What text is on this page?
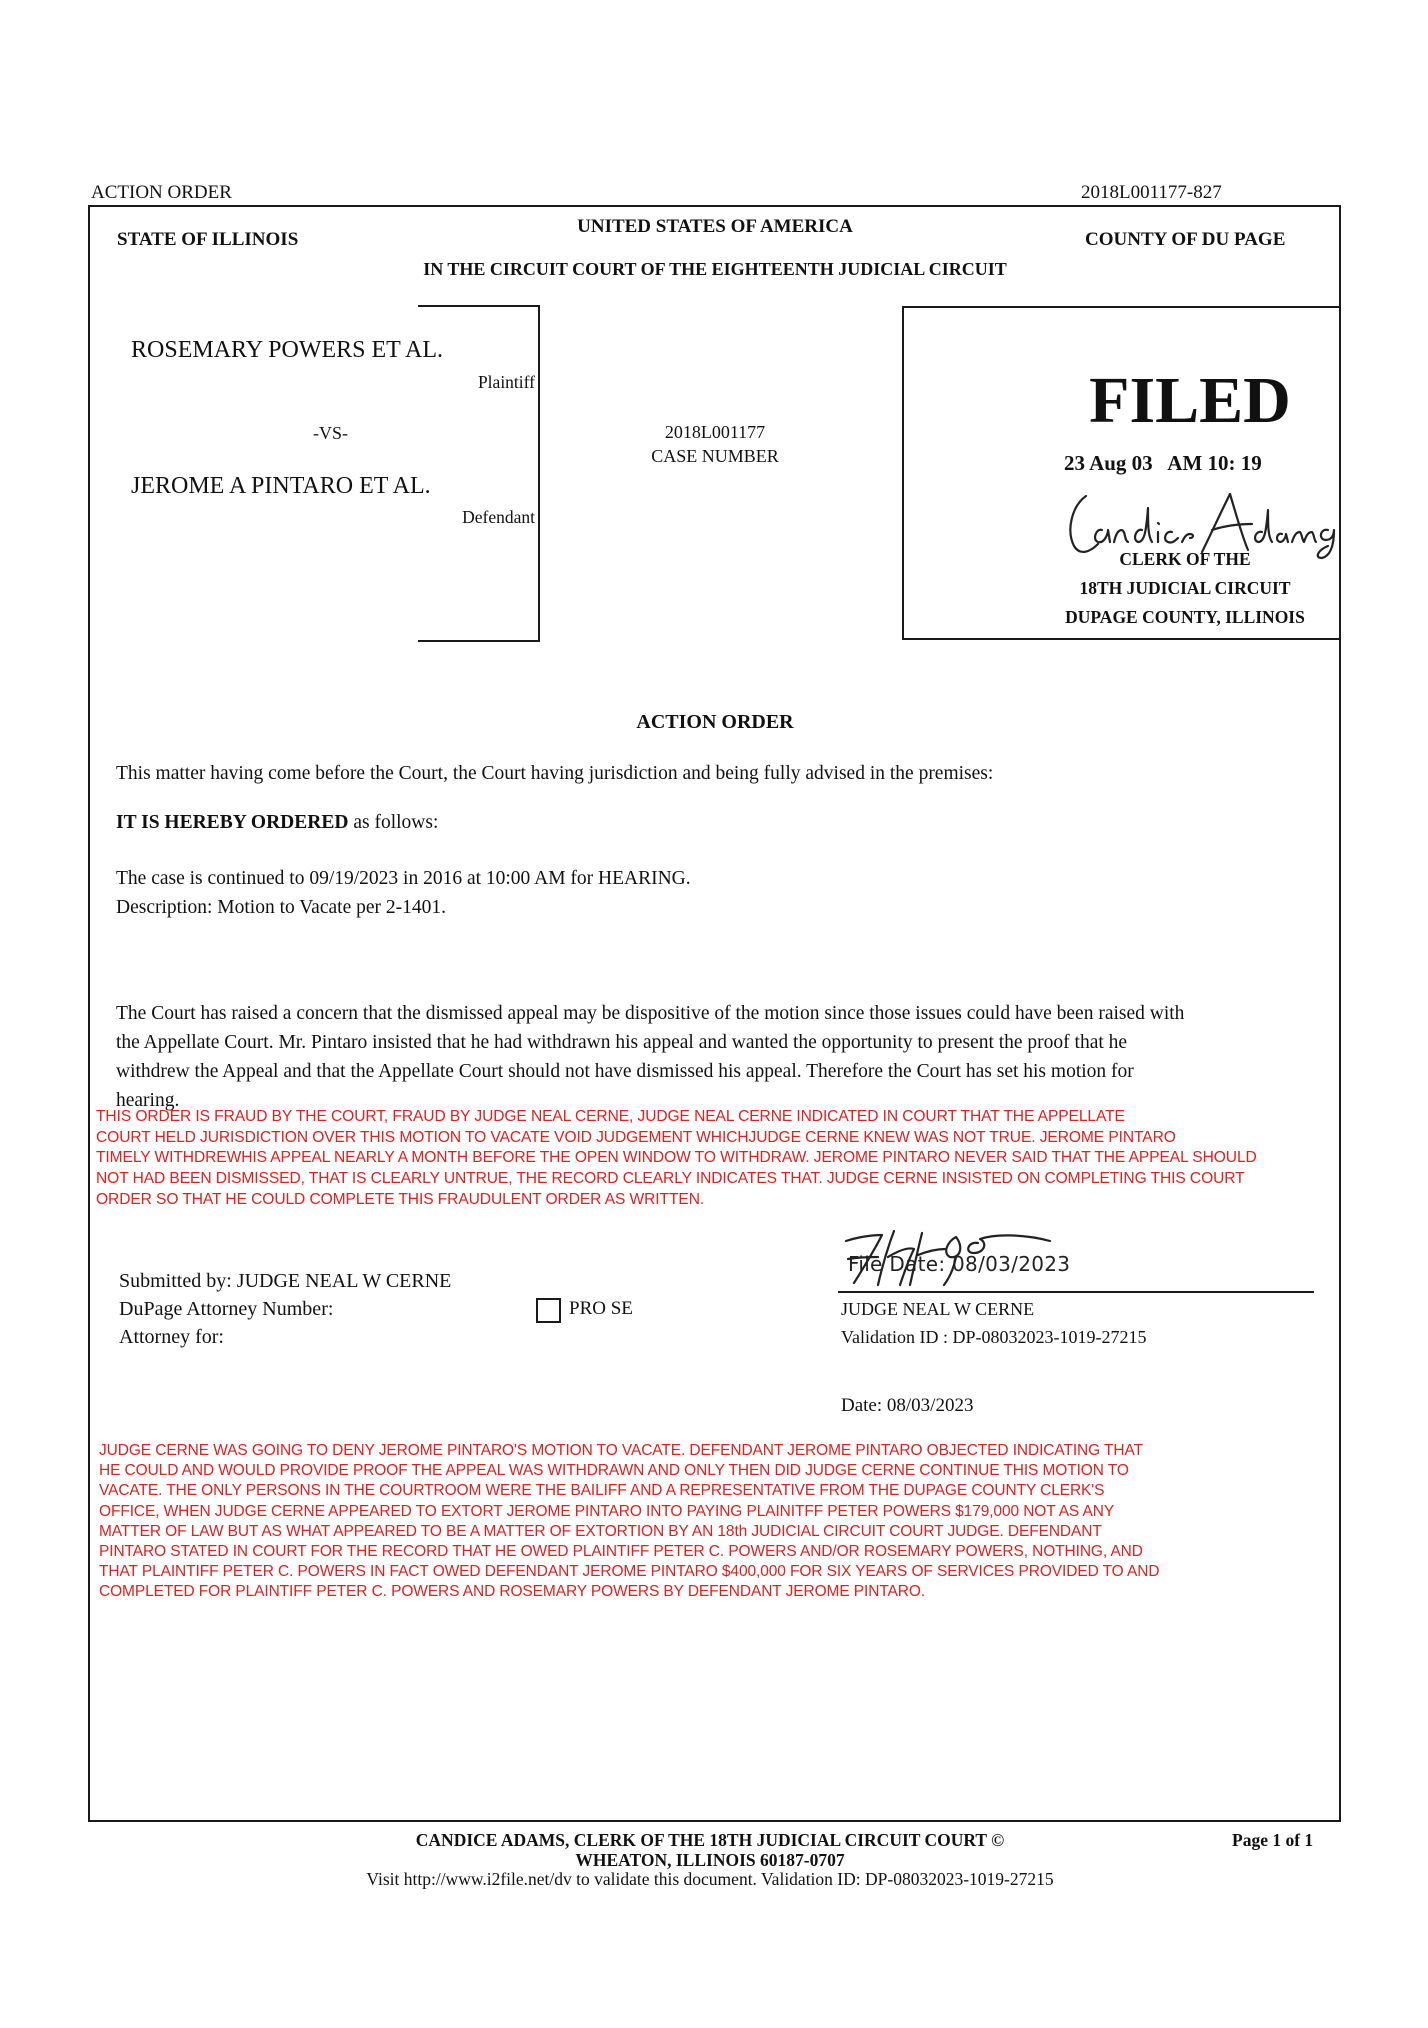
ACTION ORDER	2018L001177-827
STATE OF ILLINOIS
UNITED STATES OF AMERICA
COUNTY OF DU PAGE
IN THE CIRCUIT COURT OF THE EIGHTEENTH JUDICIAL CIRCUIT
ROSEMARY POWERS ET AL.
Plaintiff
-VS-
JEROME A PINTARO ET AL.
Defendant
2018L001177
CASE NUMBER
FILED
23 Aug 03   AM 10: 19
CLERK OF THE
18TH JUDICIAL CIRCUIT
DUPAGE COUNTY, ILLINOIS
ACTION ORDER
This matter having come before the Court, the Court having jurisdiction and being fully advised in the premises:
IT IS HEREBY ORDERED as follows:
The case is continued to 09/19/2023 in 2016 at 10:00 AM for HEARING.
Description: Motion to Vacate per 2-1401.
The Court has raised a concern that the dismissed appeal may be dispositive of the motion since those issues could have been raised with
the Appellate Court. Mr. Pintaro insisted that he had withdrawn his appeal and wanted the opportunity to present the proof that he
withdrew the Appeal and that the Appellate Court should not have dismissed his appeal. Therefore the Court has set his motion for
hearing.
THIS ORDER IS FRAUD BY THE COURT, FRAUD BY JUDGE NEAL CERNE, JUDGE NEAL CERNE INDICATED IN COURT THAT THE APPELLATE
COURT HELD JURISDICTION OVER THIS MOTION TO VACATE VOID JUDGEMENT WHICHJUDGE CERNE KNEW WAS NOT TRUE. JEROME PINTARO
TIMELY WITHDREWHIS APPEAL NEARLY A MONTH BEFORE THE OPEN WINDOW TO WITHDRAW. JEROME PINTARO NEVER SAID THAT THE APPEAL SHOULD
NOT HAD BEEN DISMISSED, THAT IS CLEARLY UNTRUE, THE RECORD CLEARLY INDICATES THAT. JUDGE CERNE INSISTED ON COMPLETING THIS COURT
ORDER SO THAT HE COULD COMPLETE THIS FRAUDULENT ORDER AS WRITTEN.
Submitted by: JUDGE NEAL W CERNE
DuPage Attorney Number:
Attorney for:
PRO SE
File Date: 08/03/2023
JUDGE NEAL W CERNE
Validation ID : DP-08032023-1019-27215
Date: 08/03/2023
JUDGE CERNE WAS GOING TO DENY JEROME PINTARO'S MOTION TO VACATE. DEFENDANT JEROME PINTARO OBJECTED INDICATING THAT
HE COULD AND WOULD PROVIDE PROOF THE APPEAL WAS WITHDRAWN AND ONLY THEN DID JUDGE CERNE CONTINUE THIS MOTION TO
VACATE. THE ONLY PERSONS IN THE COURTROOM WERE THE BAILIFF AND A REPRESENTATIVE FROM THE DUPAGE COUNTY CLERK'S
OFFICE, WHEN JUDGE CERNE APPEARED TO EXTORT JEROME PINTARO INTO PAYING PLAINITFF PETER POWERS $179,000 NOT AS ANY
MATTER OF LAW BUT AS WHAT APPEARED TO BE A MATTER OF EXTORTION BY AN 18th JUDICIAL CIRCUIT COURT JUDGE. DEFENDANT
PINTARO STATED IN COURT FOR THE RECORD THAT HE OWED PLAINTIFF PETER C. POWERS AND/OR ROSEMARY POWERS, NOTHING, AND
THAT PLAINTIFF PETER C. POWERS IN FACT OWED DEFENDANT JEROME PINTARO $400,000 FOR SIX YEARS OF SERVICES PROVIDED TO AND
COMPLETED FOR PLAINTIFF PETER C. POWERS AND ROSEMARY POWERS BY DEFENDANT JEROME PINTARO.
CANDICE ADAMS, CLERK OF THE 18TH JUDICIAL CIRCUIT COURT ©
WHEATON, ILLINOIS 60187-0707
Page 1 of 1
Visit http://www.i2file.net/dv to validate this document. Validation ID: DP-08032023-1019-27215
